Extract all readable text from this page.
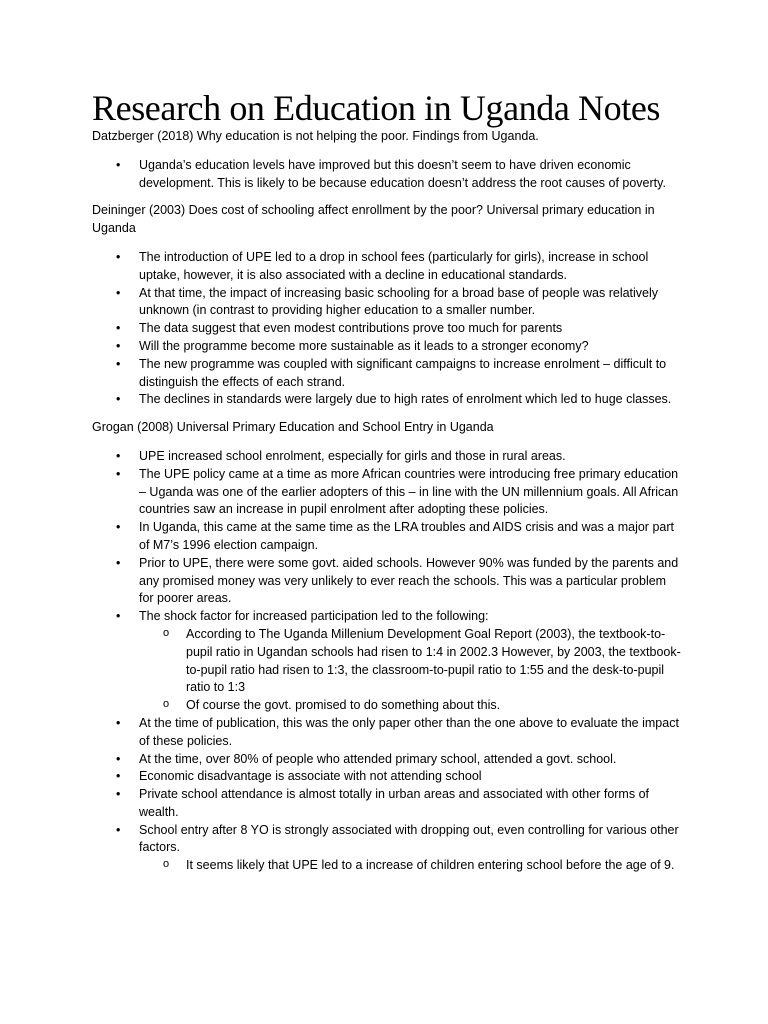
Research on Education in Uganda Notes

Datzberger (2018) Why education is not helping the poor. Findings from Uganda.

• Uganda’s education levels have improved but this doesn’t seem to have driven economic development. This is likely to be because education doesn’t address the root causes of poverty.

Deininger (2003) Does cost of schooling affect enrollment by the poor? Universal primary education in Uganda

• The introduction of UPE led to a drop in school fees (particularly for girls), increase in school uptake, however, it is also associated with a decline in educational standards.
• At that time, the impact of increasing basic schooling for a broad base of people was relatively unknown (in contrast to providing higher education to a smaller number.
• The data suggest that even modest contributions prove too much for parents
• Will the programme become more sustainable as it leads to a stronger economy?
• The new programme was coupled with significant campaigns to increase enrolment – difficult to distinguish the effects of each strand.
• The declines in standards were largely due to high rates of enrolment which led to huge classes.

Grogan (2008) Universal Primary Education and School Entry in Uganda

• UPE increased school enrolment, especially for girls and those in rural areas.
• The UPE policy came at a time as more African countries were introducing free primary education – Uganda was one of the earlier adopters of this – in line with the UN millennium goals. All African countries saw an increase in pupil enrolment after adopting these policies.
• In Uganda, this came at the same time as the LRA troubles and AIDS crisis and was a major part of M7’s 1996 election campaign.
• Prior to UPE, there were some govt. aided schools. However 90% was funded by the parents and any promised money was very unlikely to ever reach the schools. This was a particular problem for poorer areas.
• The shock factor for increased participation led to the following:
o According to The Uganda Millenium Development Goal Report (2003), the textbook-to-pupil ratio in Ugandan schools had risen to 1:4 in 2002.3 However, by 2003, the textbook-to-pupil ratio had risen to 1:3, the classroom-to-pupil ratio to 1:55 and the desk-to-pupil ratio to 1:3
o Of course the govt. promised to do something about this.
• At the time of publication, this was the only paper other than the one above to evaluate the impact of these policies.
• At the time, over 80% of people who attended primary school, attended a govt. school.
• Economic disadvantage is associate with not attending school
• Private school attendance is almost totally in urban areas and associated with other forms of wealth.
• School entry after 8 YO is strongly associated with dropping out, even controlling for various other factors.
o It seems likely that UPE led to a increase of children entering school before the age of 9.
